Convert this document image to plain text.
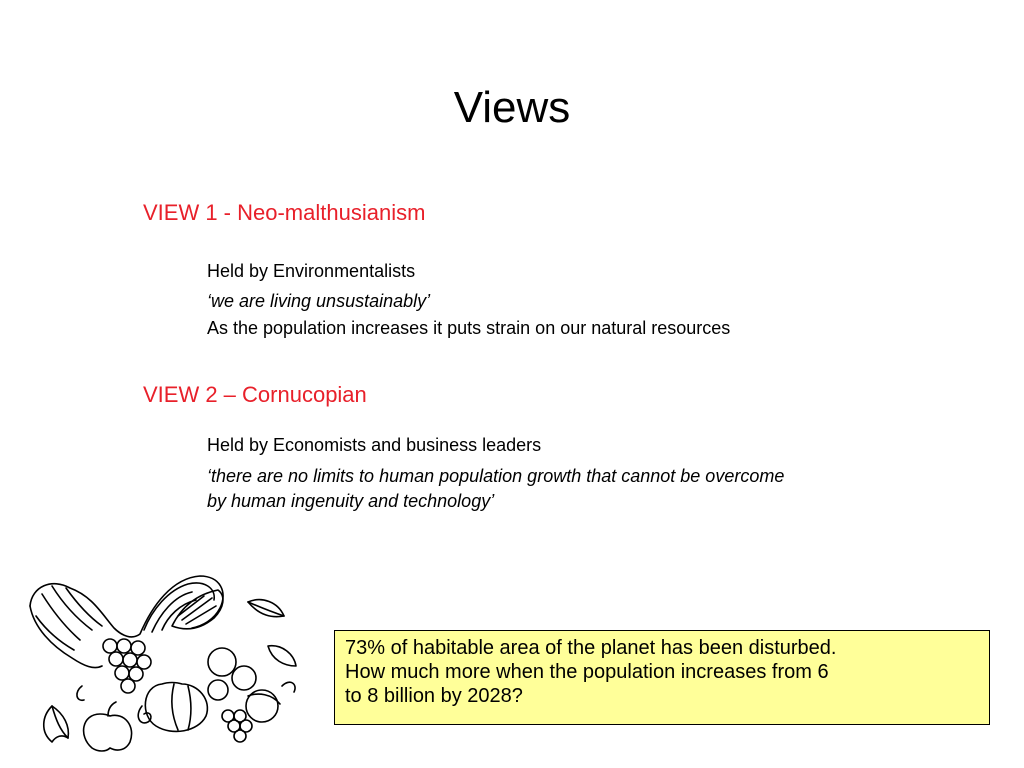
Views
VIEW 1 - Neo-malthusianism
Held by Environmentalists
‘we are living unsustainably’
As the population increases it puts strain on our natural resources
VIEW 2 – Cornucopian
Held by Economists and business leaders
‘there are no limits to human population growth that cannot be overcome
by human ingenuity and technology’
73% of habitable area of the planet has been disturbed.
How much more when the population increases from 6
to 8 billion by 2028?
